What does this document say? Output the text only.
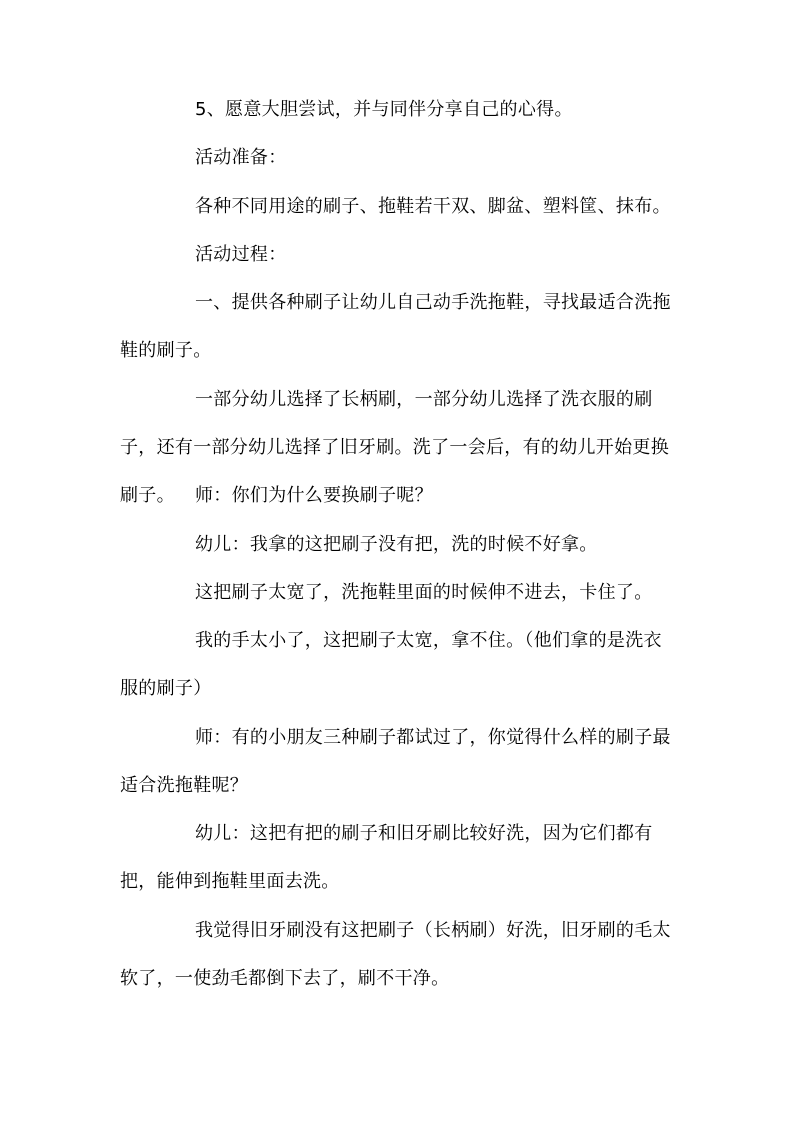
5、愿意大胆尝试，并与同伴分享自己的心得。

活动准备：

各种不同用途的刷子、拖鞋若干双、脚盆、塑料筐、抹布。

活动过程：

一、提供各种刷子让幼儿自己动手洗拖鞋，寻找最适合洗拖鞋的刷子。

一部分幼儿选择了长柄刷，一部分幼儿选择了洗衣服的刷子，还有一部分幼儿选择了旧牙刷。洗了一会后，有的幼儿开始更换刷子。	师：你们为什么要换刷子呢？

幼儿：我拿的这把刷子没有把，洗的时候不好拿。

这把刷子太宽了，洗拖鞋里面的时候伸不进去，卡住了。

我的手太小了，这把刷子太宽，拿不住。（他们拿的是洗衣服的刷子）

师：有的小朋友三种刷子都试过了，你觉得什么样的刷子最适合洗拖鞋呢？

幼儿：这把有把的刷子和旧牙刷比较好洗，因为它们都有把，能伸到拖鞋里面去洗。

我觉得旧牙刷没有这把刷子（长柄刷）好洗，旧牙刷的毛太软了，一使劲毛都倒下去了，刷不干净。
